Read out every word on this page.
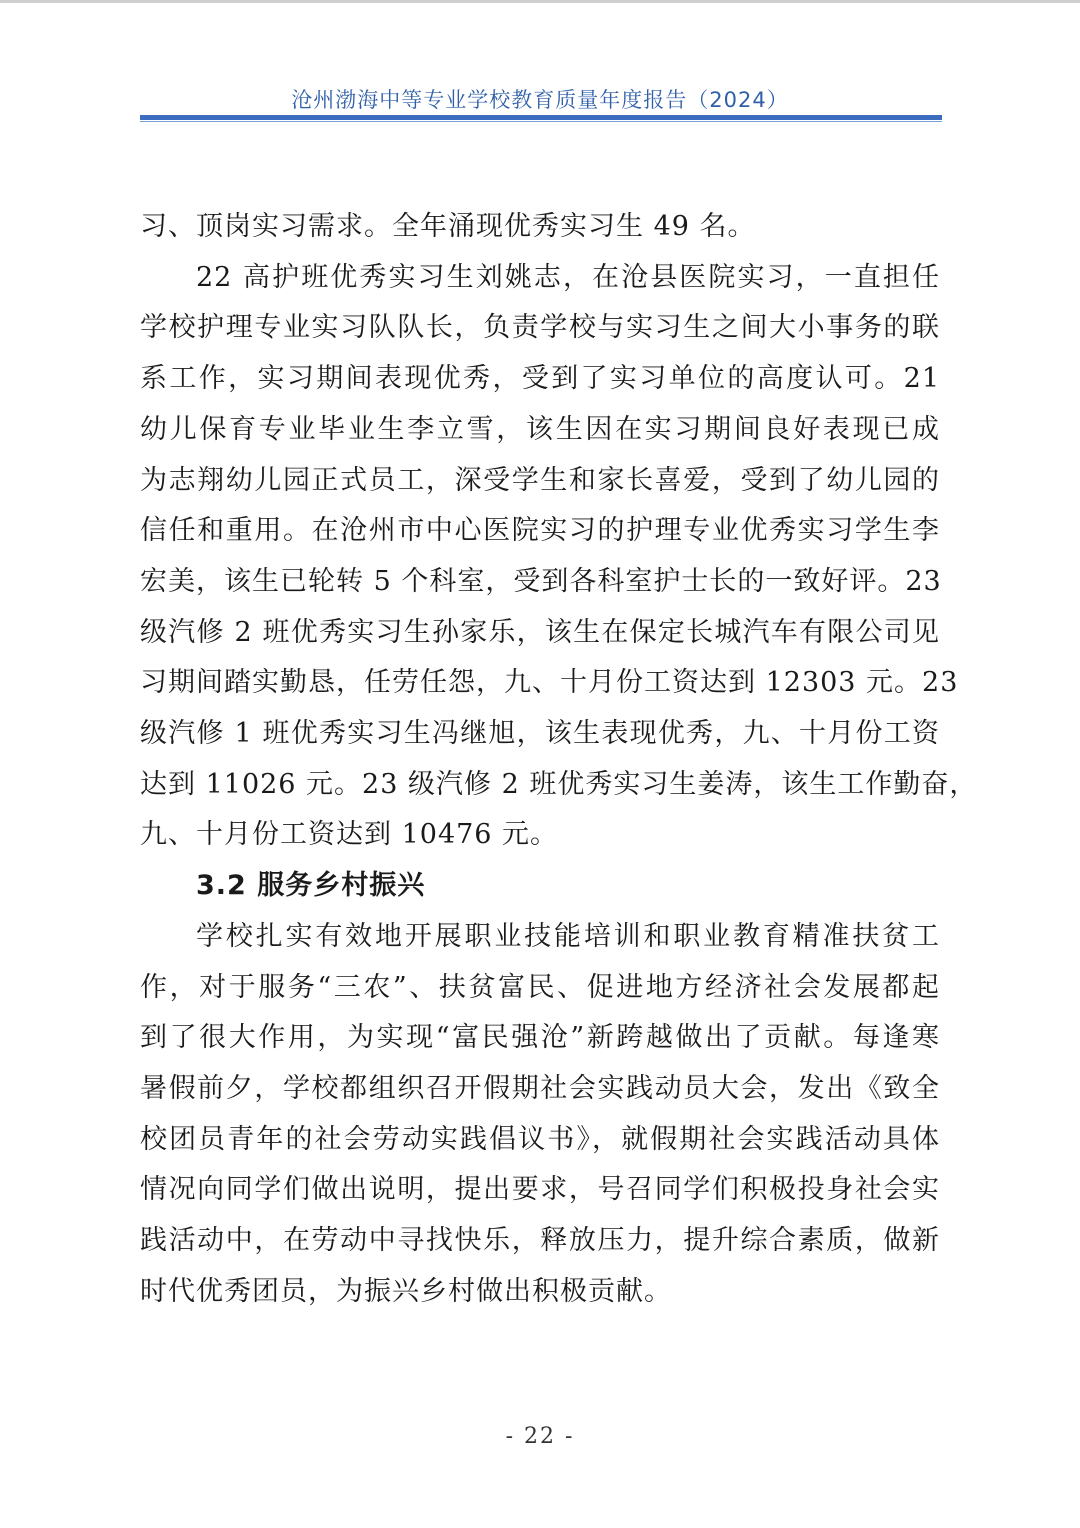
沧州渤海中等专业学校教育质量年度报告（2024）
习、顶岗实习需求。全年涌现优秀实习生 49 名。
22 高护班优秀实习生刘姚志，在沧县医院实习，一直担任
学校护理专业实习队队长，负责学校与实习生之间大小事务的联
系工作，实习期间表现优秀，受到了实习单位的高度认可。21
幼儿保育专业毕业生李立雪，该生因在实习期间良好表现已成
为志翔幼儿园正式员工，深受学生和家长喜爱，受到了幼儿园的
信任和重用。在沧州市中心医院实习的护理专业优秀实习学生李
宏美，该生已轮转 5 个科室，受到各科室护士长的一致好评。23
级汽修 2 班优秀实习生孙家乐，该生在保定长城汽车有限公司见
习期间踏实勤恳，任劳任怨，九、十月份工资达到 12303 元。23
级汽修 1 班优秀实习生冯继旭，该生表现优秀，九、十月份工资
达到 11026 元。23 级汽修 2 班优秀实习生姜涛，该生工作勤奋，
九、十月份工资达到 10476 元。
3.2 服务乡村振兴
学校扎实有效地开展职业技能培训和职业教育精准扶贫工
作，对于服务“三农”、扶贫富民、促进地方经济社会发展都起
到了很大作用，为实现“富民强沧”新跨越做出了贡献。每逢寒
暑假前夕，学校都组织召开假期社会实践动员大会，发出《致全
校团员青年的社会劳动实践倡议书》，就假期社会实践活动具体
情况向同学们做出说明，提出要求，号召同学们积极投身社会实
践活动中，在劳动中寻找快乐，释放压力，提升综合素质，做新
时代优秀团员，为振兴乡村做出积极贡献。
- 22 -
